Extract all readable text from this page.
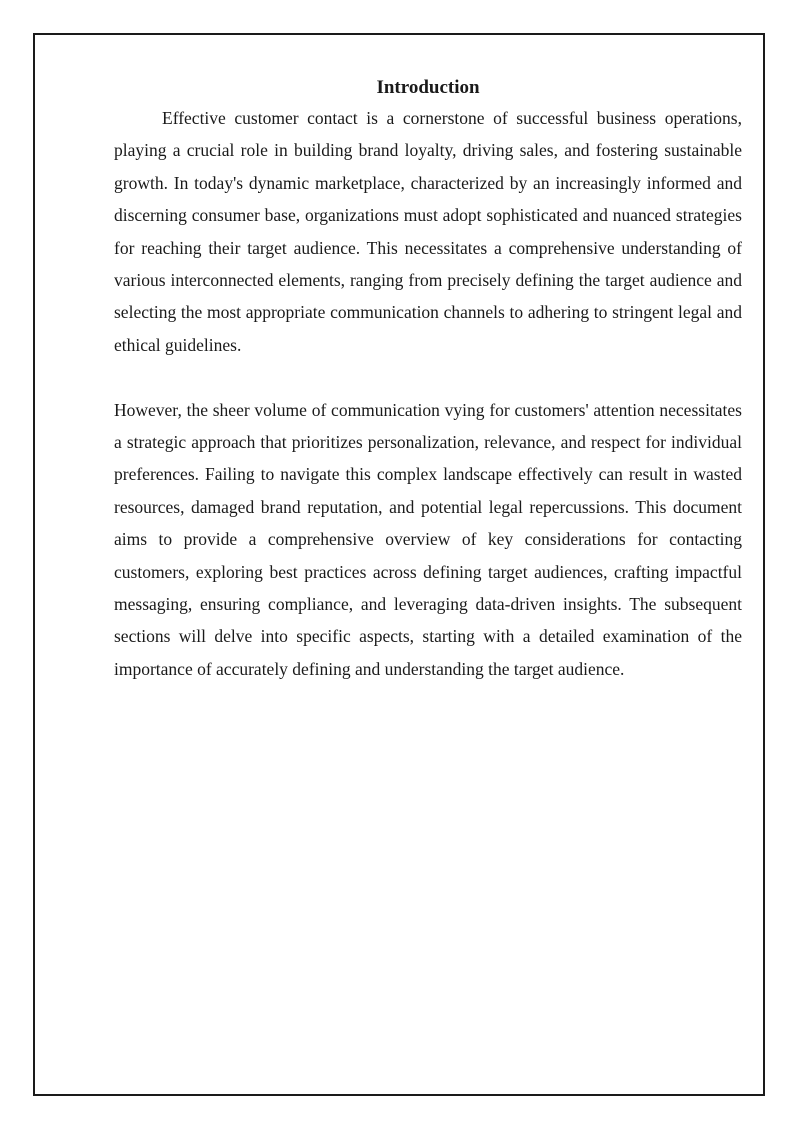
Introduction

Effective customer contact is a cornerstone of successful business operations, playing a crucial role in building brand loyalty, driving sales, and fostering sustainable growth. In today's dynamic marketplace, characterized by an increasingly informed and discerning consumer base, organizations must adopt sophisticated and nuanced strategies for reaching their target audience. This necessitates a comprehensive understanding of various interconnected elements, ranging from precisely defining the target audience and selecting the most appropriate communication channels to adhering to stringent legal and ethical guidelines.

However, the sheer volume of communication vying for customers' attention necessitates a strategic approach that prioritizes personalization, relevance, and respect for individual preferences. Failing to navigate this complex landscape effectively can result in wasted resources, damaged brand reputation, and potential legal repercussions. This document aims to provide a comprehensive overview of key considerations for contacting customers, exploring best practices across defining target audiences, crafting impactful messaging, ensuring compliance, and leveraging data-driven insights. The subsequent sections will delve into specific aspects, starting with a detailed examination of the importance of accurately defining and understanding the target audience.
